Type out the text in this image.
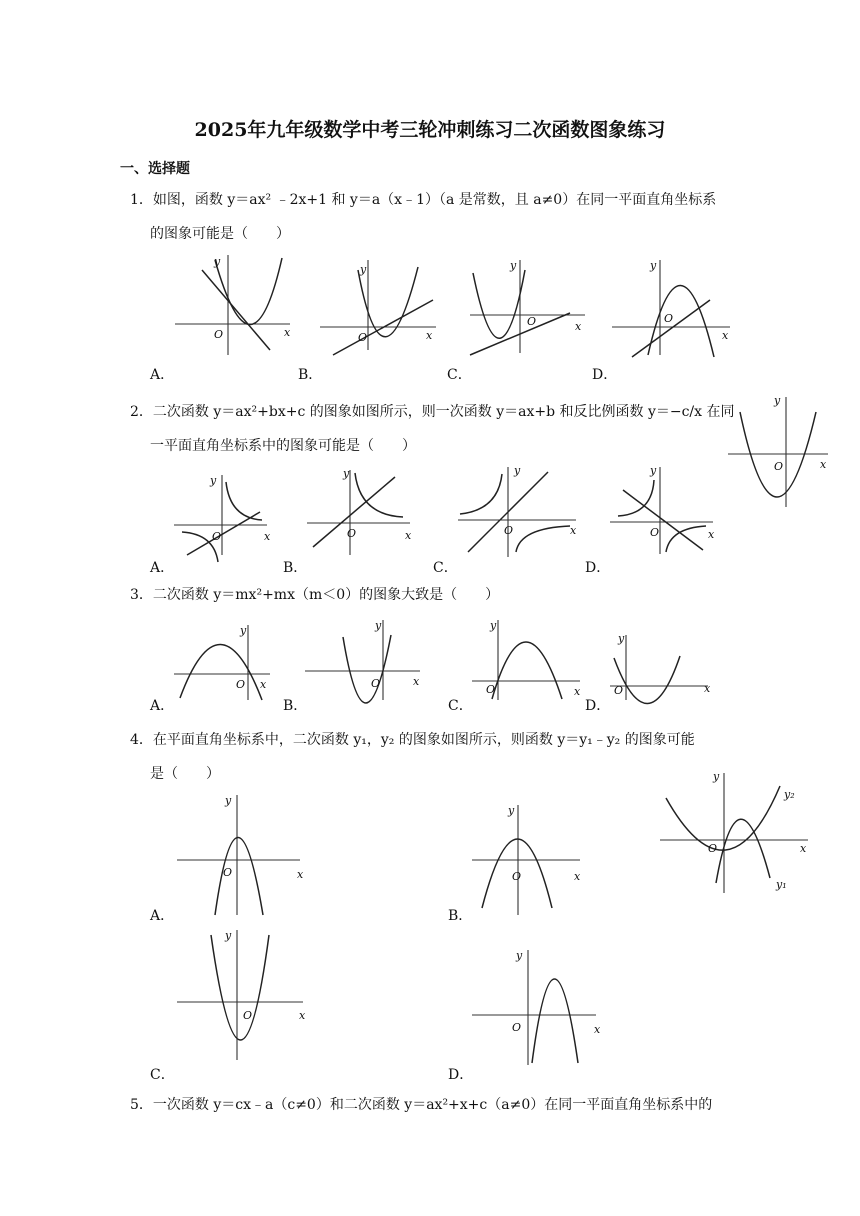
2025年九年级数学中考三轮冲刺练习二次函数图象练习
一、选择题
1．如图，函数 y＝ax² ﹣2x+1 和 y＝a（x﹣1）（a 是常数，且 a≠0）在同一平面直角坐标系
的图象可能是（　　）
y
x
O
y
x
O
y
x
O
y
x
O
A．	B．	C．	D．
2．二次函数 y＝ax²+bx+c 的图象如图所示，则一次函数 y＝ax+b 和反比例函数 y＝−c/x 在同
一平面直角坐标系中的图象可能是（　　）
y
x
O
y
x
O
y
x
O
y
x
O
y
x
O
A．	B．	C．	D．
3．二次函数 y＝mx²+mx（m＜0）的图象大致是（　　）
y
x
O
y
x
O
y
x
O
y
x
O
A．	B．	C．	D．
4．在平面直角坐标系中，二次函数 y₁，y₂ 的图象如图所示，则函数 y＝y₁﹣y₂ 的图象可能
是（　　）	y
x
O
y₂
y₁
y
x
O
y
x
O
A．	B．
y
x
O
y
x
O
C．	D．
5．一次函数 y＝cx﹣a（c≠0）和二次函数 y＝ax²+x+c（a≠0）在同一平面直角坐标系中的
